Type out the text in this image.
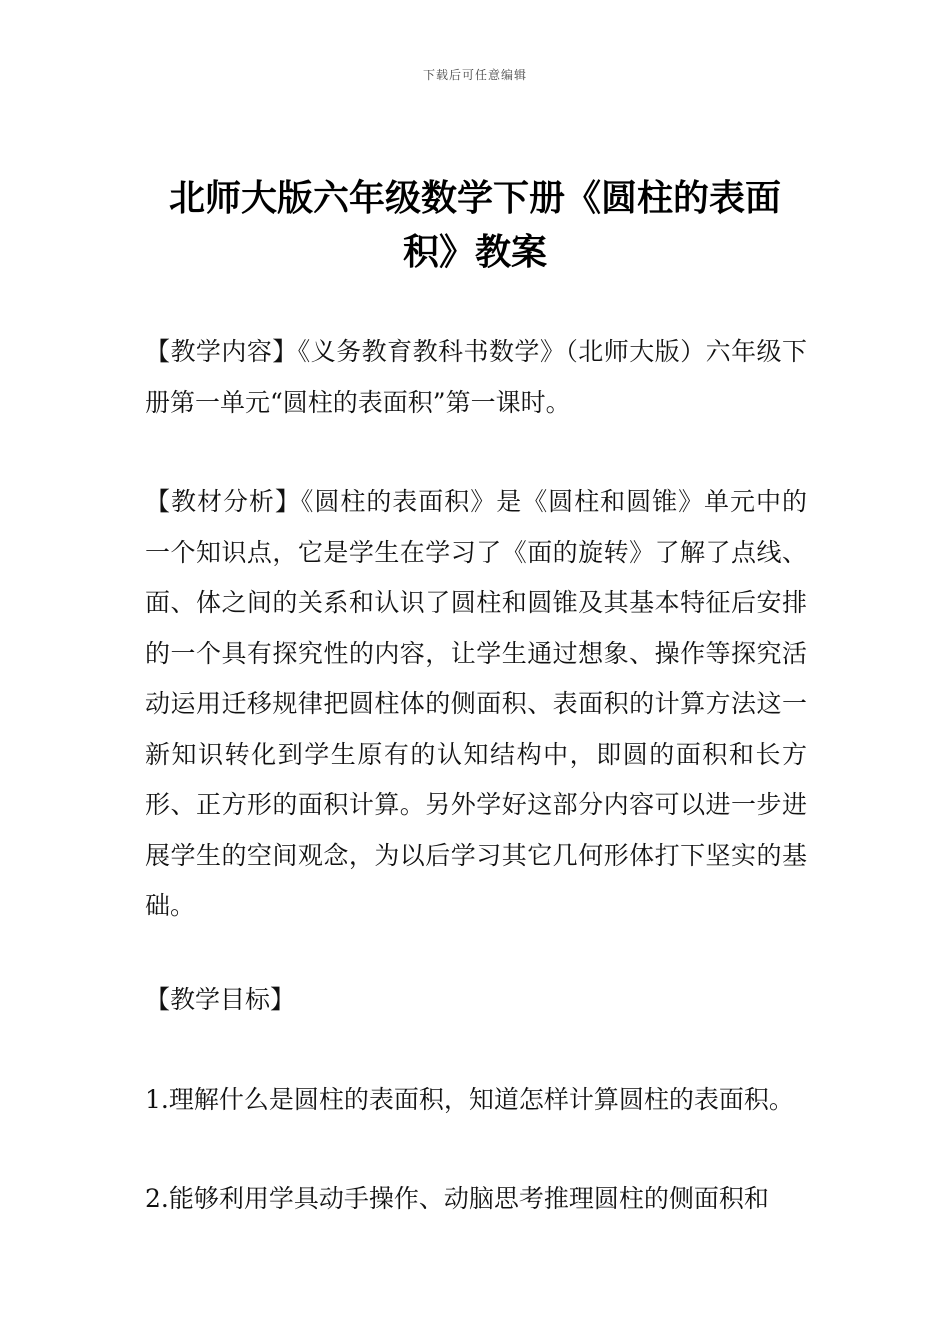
下载后可任意编辑
北师大版六年级数学下册《圆柱的表面
积》教案

【教学内容】《义务教育教科书数学》（北师大版）六年级下册第一单元“圆柱的表面积”第一课时。

【教材分析】《圆柱的表面积》是《圆柱和圆锥》单元中的一个知识点，它是学生在学习了《面的旋转》了解了点线、面、体之间的关系和认识了圆柱和圆锥及其基本特征后安排的一个具有探究性的内容，让学生通过想象、操作等探究活动运用迁移规律把圆柱体的侧面积、表面积的计算方法这一新知识转化到学生原有的认知结构中，即圆的面积和长方形、正方形的面积计算。另外学好这部分内容可以进一步进展学生的空间观念，为以后学习其它几何形体打下坚实的基础。

【教学目标】

1.理解什么是圆柱的表面积，知道怎样计算圆柱的表面积。

2.能够利用学具动手操作、动脑思考推理圆柱的侧面积和
